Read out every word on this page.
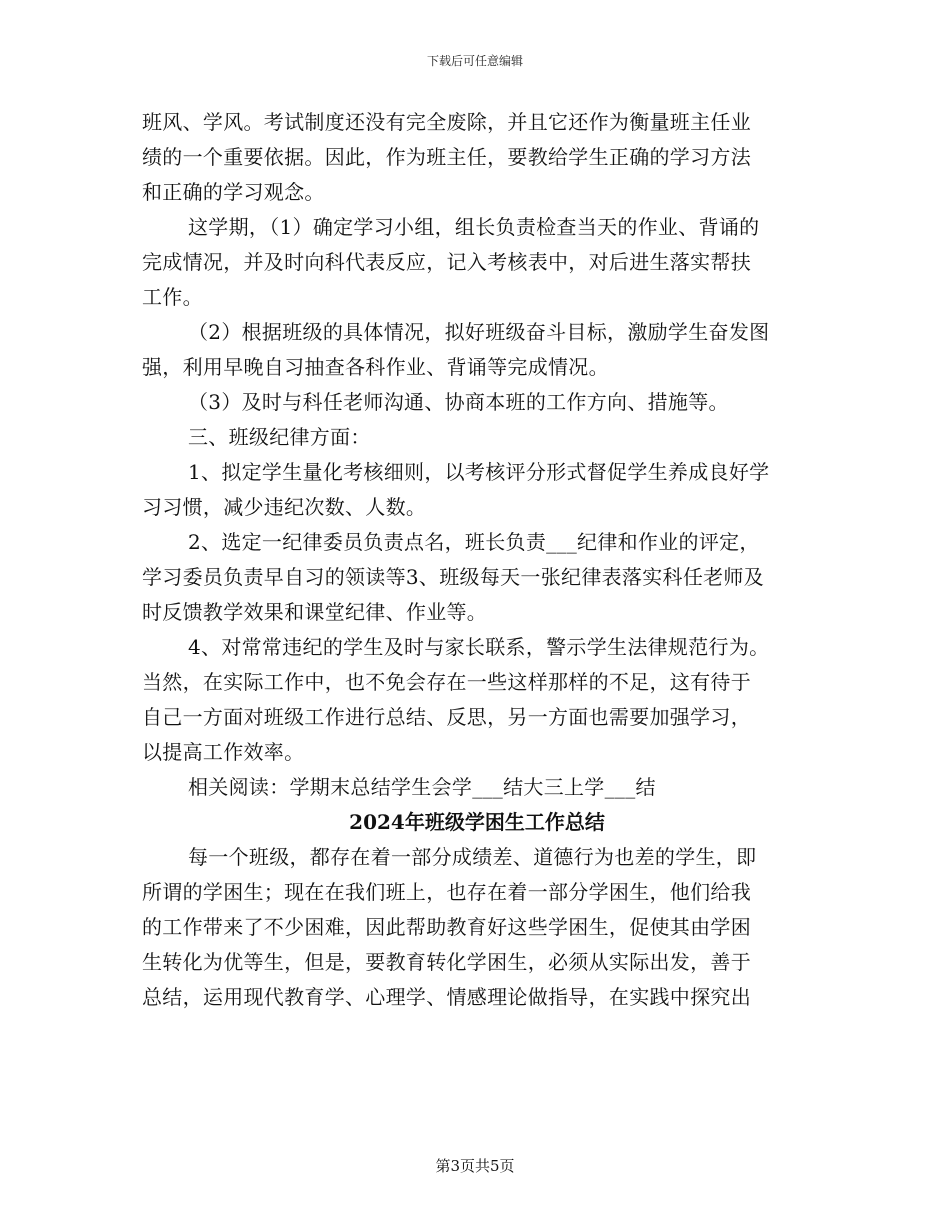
下载后可任意编辑
班风、学风。考试制度还没有完全废除，并且它还作为衡量班主任业
绩的一个重要依据。因此，作为班主任，要教给学生正确的学习方法
和正确的学习观念。
这学期，（1）确定学习小组，组长负责检查当天的作业、背诵的
完成情况，并及时向科代表反应，记入考核表中，对后进生落实帮扶
工作。
（2）根据班级的具体情况，拟好班级奋斗目标，激励学生奋发图
强，利用早晚自习抽查各科作业、背诵等完成情况。
（3）及时与科任老师沟通、协商本班的工作方向、措施等。
三、班级纪律方面：
1、拟定学生量化考核细则，以考核评分形式督促学生养成良好学
习习惯，减少违纪次数、人数。
2、选定一纪律委员负责点名，班长负责___纪律和作业的评定，
学习委员负责早自习的领读等3、班级每天一张纪律表落实科任老师及
时反馈教学效果和课堂纪律、作业等。
4、对常常违纪的学生及时与家长联系，警示学生法律规范行为。
当然，在实际工作中，也不免会存在一些这样那样的不足，这有待于
自己一方面对班级工作进行总结、反思，另一方面也需要加强学习，
以提高工作效率。
相关阅读：学期末总结学生会学___结大三上学___结
2024年班级学困生工作总结
每一个班级，都存在着一部分成绩差、道德行为也差的学生，即
所谓的学困生；现在在我们班上，也存在着一部分学困生，他们给我
的工作带来了不少困难，因此帮助教育好这些学困生，促使其由学困
生转化为优等生，但是，要教育转化学困生，必须从实际出发，善于
总结，运用现代教育学、心理学、情感理论做指导，在实践中探究出
第3页共5页
